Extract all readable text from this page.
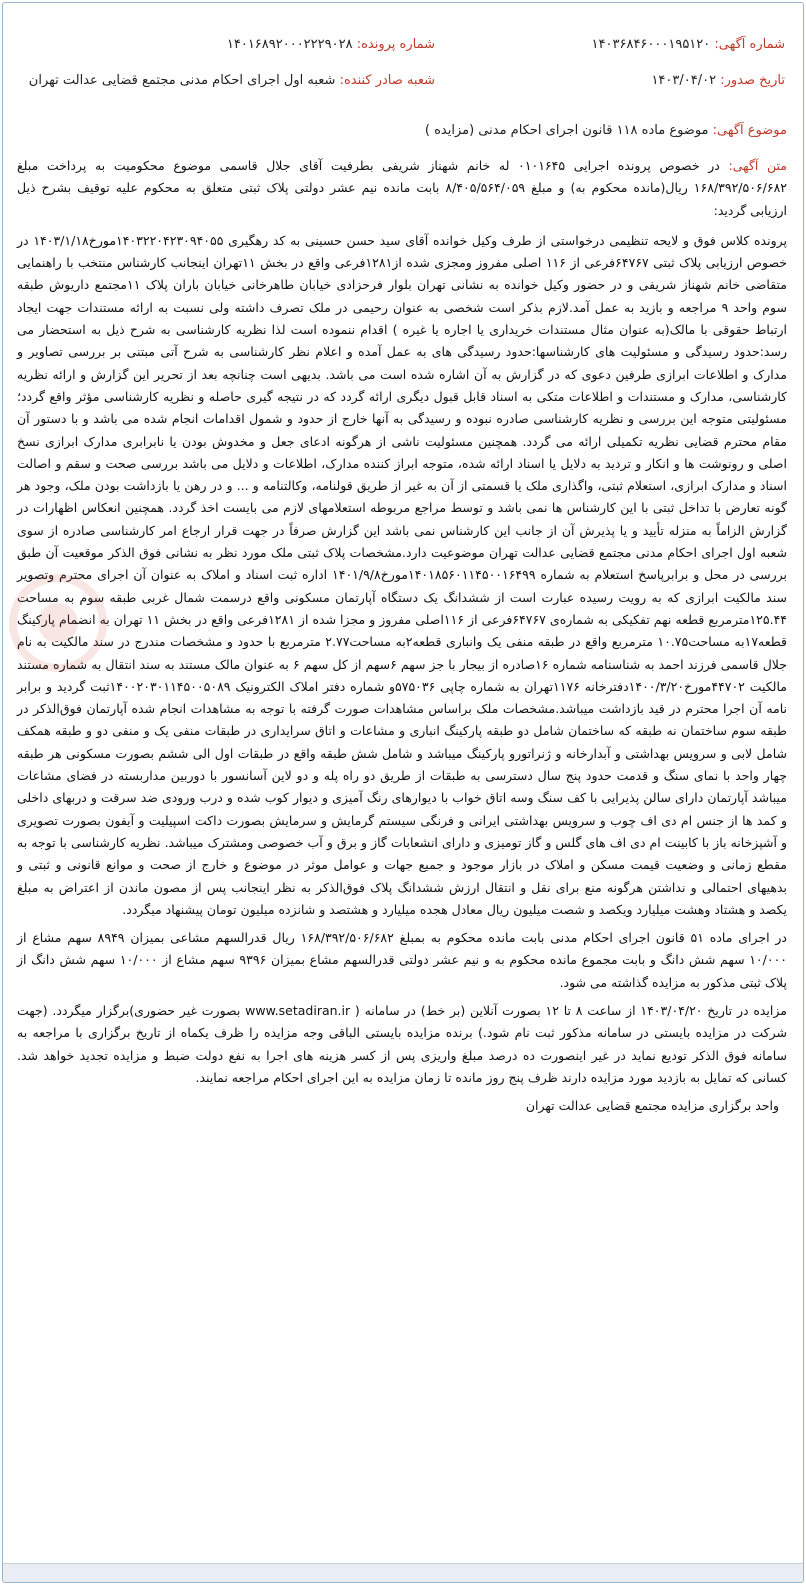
شماره آگهی: ۱۴۰۳۶۸۴۶۰۰۰۱۹۵۱۲۰
شماره پرونده: ۱۴۰۱۶۸۹۲۰۰۰۲۲۲۹۰۲۸
تاریخ صدور: ۱۴۰۳/۰۴/۰۲
شعبه صادر کننده: شعبه اول اجرای احکام مدنی مجتمع قضایی عدالت تهران
موضوع آگهی: موضوع ماده ۱۱۸ قانون اجرای احکام مدنی (مزایده )

متن آگهی: در خصوص پرونده اجرایی ۰۱۰۱۶۴۵ له خانم شهناز شریفی بطرفیت آقای جلال قاسمی موضوع محکومیت به پرداخت مبلغ ۱۶۸/۳۹۲/۵۰۶/۶۸۲ ریال(مانده محکوم به) و مبلغ ۸/۴۰۵/۵۶۴/۰۵۹ بابت مانده نیم عشر دولتی پلاک ثبتی متعلق به محکوم علیه توقیف بشرح ذیل ارزیابی گردید:

پرونده کلاس فوق و لایحه تنظیمی درخواستی از طرف وکیل خوانده آقای سید حسن حسینی به کد رهگیری ۱۴۰۳۲۲۰۴۲۳۰۹۴۰۵۵مورخ۱۴۰۳/۱/۱۸ در خصوص ارزیابی پلاک ثبتی ۶۴۷۶۷فرعی از ۱۱۶ اصلی مفروز ومجزی شده از۱۲۸۱فرعی واقع در بخش ۱۱تهران اینجانب کارشناس منتخب با راهنمایی متقاضی خانم شهناز شریفی و در حضور وکیل خوانده به نشانی تهران بلوار فرحزادی خیابان طاهرخانی خیابان باران پلاک ۱۱مجتمع داریوش طبقه سوم واحد ۹ مراجعه و بازید به عمل آمد.لازم بذکر است شخصی به عنوان رحیمی در ملک تصرف داشته ولی نسبت به ارائه مستندات جهت ایجاد ارتباط حقوقی با مالک(به عنوان مثال مستندات خریداری یا اجاره یا غیره ) اقدام ننموده است لذا نظریه کارشناسی به شرح ذیل به استحضار می رسد:حدود رسیدگی و مسئولیت های کارشناسها:حدود رسیدگی های به عمل آمده و اعلام نظر کارشناسی به شرح آتی مبتنی بر بررسی تصاویر و مدارک و اطلاعات ابرازی طرفین دعوی که در گزارش به آن اشاره شده است می باشد. بدیهی است چنانچه بعد از تحریر این گزارش و ارائه نظریه کارشناسی، مدارک و مستندات و اطلاعات متکی به اسناد قابل قبول دیگری ارائه گردد که در نتیجه گیری حاصله و نظریه کارشناسی مؤثر واقع گردد؛ مسئولیتی متوجه این بررسی و نظریه کارشناسی صادره نبوده و رسیدگی به آنها خارج از حدود و شمول اقدامات انجام شده می باشد و با دستور آن مقام محترم قضایی نظریه تکمیلی ارائه می گردد. همچنین مسئولیت ناشی از هرگونه ادعای جعل و مخدوش بودن یا نابرابری مدارک ابرازی نسخ اصلی و رونوشت ها و انکار و تردید به دلایل یا اسناد ارائه شده، متوجه ابراز کننده مدارک، اطلاعات و دلایل می باشد بررسی صحت و سقم و اصالت اسناد و مدارک ابرازی، استعلام ثبتی، واگذاری ملک یا قسمتی از آن به غیر از طریق قولنامه، وکالتنامه و ... و در رهن یا بازداشت بودن ملک، وجود هر گونه تعارض با تداخل ثبتی با این کارشناس ها نمی باشد و توسط مراجع مربوطه استعلامهای لازم می بایست اخذ گردد. همچنین انعکاس اظهارات در گزارش الزاماً به منزله تأیید و یا پذیرش آن از جانب این کارشناس نمی باشد این گزارش صرفاً در جهت قرار ارجاع امر کارشناسی صادره از سوی شعبه اول اجرای احکام مدنی مجتمع قضایی عدالت تهران موضوعیت دارد.مشخصات پلاک ثبتی ملک مورد نظر به نشانی فوق الذکر موقعیت آن طبق بررسی در محل و برابرپاسخ استعلام به شماره ۱۴۰۱۸۵۶۰۱۱۴۵۰۰۱۶۴۹۹مورخ۱۴۰۱/۹/۸ اداره ثبت اسناد و املاک به عنوان آن اجرای محترم وتصویر سند مالکیت ابرازی که به رویت رسیده عبارت است از ششدانگ یک دستگاه آپارتمان مسکونی واقع درسمت شمال غربی طبقه سوم به مساحت ۱۲۵.۴۴مترمربع قطعه نهم تفکیکی به شماره‌ی ۶۴۷۶۷فرعی از ۱۱۶اصلی مفروز و مجزا شده از ۱۲۸۱فرعی واقع در بخش ۱۱ تهران به انضمام پارکینگ قطعه۱۷به مساحت۱۰.۷۵ مترمربع واقع در طبقه منفی یک وانباری قطعه۲به مساحت۲.۷۷ مترمربع با حدود و مشخصات مندرج در سند مالکیت به نام جلال قاسمی فرزند احمد به شناسنامه شماره ۱۶صادره از بیجار با جز سهم ۶سهم از کل سهم ۶ به عنوان مالک مستند به سند انتقال به شماره مستند مالکیت ۴۴۷۰۲مورخ۱۴۰۰/۳/۲۰دفترخانه ۱۱۷۶تهران به شماره چاپی ۵۷۵۰۳۶و شماره دفتر املاک الکترونیک ۱۴۰۰۲۰۳۰۱۱۴۵۰۰۵۰۸۹ثبت گردید و برابر نامه آن اجرا محترم در قید بازداشت میباشد.مشخصات ملک براساس مشاهدات صورت گرفته با توجه به مشاهدات انجام شده آپارتمان فوق‌الذکر در طبقه سوم ساختمان نه طبقه که ساختمان شامل دو طبقه پارکینگ انباری و مشاعات و اتاق سرایداری در طبقات منفی یک و منفی دو و طبقه همکف شامل لابی و سرویس بهداشتی و آبدارخانه و ژنراتورو پارکینگ میباشد و شامل شش طبقه واقع در طبقات اول الی ششم بصورت مسکونی هر طبقه چهار واحد با نمای سنگ و قدمت حدود پنج سال دسترسی به طبقات از طریق دو راه پله و دو لاین آسانسور با دوربین مداربسته در فضای مشاعات میباشد آپارتمان دارای سالن پذیرایی با کف سنگ وسه اتاق خواب با دیوارهای رنگ آمیزی و دیوار کوب شده و درب ورودی ضد سرقت و دربهای داخلی و کمد ها از جنس ام دی اف چوب و سرویس بهداشتی ایرانی و فرنگی سیستم گرمایش و سرمایش بصورت داکت اسپیلیت و آیفون بصورت تصویری و آشپزخانه باز با کابینت ام دی اف های گلس و گاز توميزی و دارای انشعابات گاز و برق و آب خصوصی ومشترک میباشد. نظریه کارشناسی با توجه به مقطع زمانی و وضعیت قیمت مسکن و املاک در بازار موجود و جمیع جهات و عوامل موثر در موضوع و خارج از صحت و موانع قانونی و ثبتی و بدهیهای احتمالی و نداشتن هرگونه منع برای نقل و انتقال ارزش ششدانگ پلاک فوق‌الذکر به نظر اینجانب پس از مصون ماندن از اعتراض به مبلغ یکصد و هشتاد وهشت میلیارد ویکصد و شصت میلیون ریال معادل هجده میلیارد و هشتصد و شانزده میلیون تومان پیشنهاد میگردد.

در اجرای ماده ۵۱ قانون اجرای احکام مدنی بابت مانده محکوم به بمبلغ ۱۶۸/۳۹۲/۵۰۶/۶۸۲ ریال قدرالسهم مشاعی بمیزان ۸۹۴۹ سهم مشاع از ۱۰/۰۰۰ سهم شش دانگ و بابت مجموع مانده محکوم به و نیم عشر دولتی قدرالسهم مشاع بمیزان ۹۳۹۶ سهم مشاع از ۱۰/۰۰۰ سهم شش دانگ از پلاک ثبتی مذکور به مزایده گذاشته می شود.

مزایده در تاریخ ۱۴۰۳/۰۴/۲۰ از ساعت ۸ تا ۱۲ بصورت آنلاین (بر خط) در سامانه ( www.setadiran.ir بصورت غیر حضوری)برگزار میگردد. (جهت شرکت در مزایده بایستی در سامانه مذکور ثبت نام شود.) برنده مزایده بایستی الباقی وجه مزایده را ظرف یکماه از تاریخ برگزاری با مراجعه به سامانه فوق الذکر تودیع نماید در غیر اینصورت ده درصد مبلغ واریزی پس از کسر هزینه های اجرا به نفع دولت ضبط و مزایده تجدید خواهد شد. کسانی که تمایل به بازدید مورد مزایده دارند ظرف پنج روز مانده تا زمان مزایده به این اجرای احکام مراجعه نمایند.

واحد برگزاری مزایده مجتمع قضایی عدالت تهران
